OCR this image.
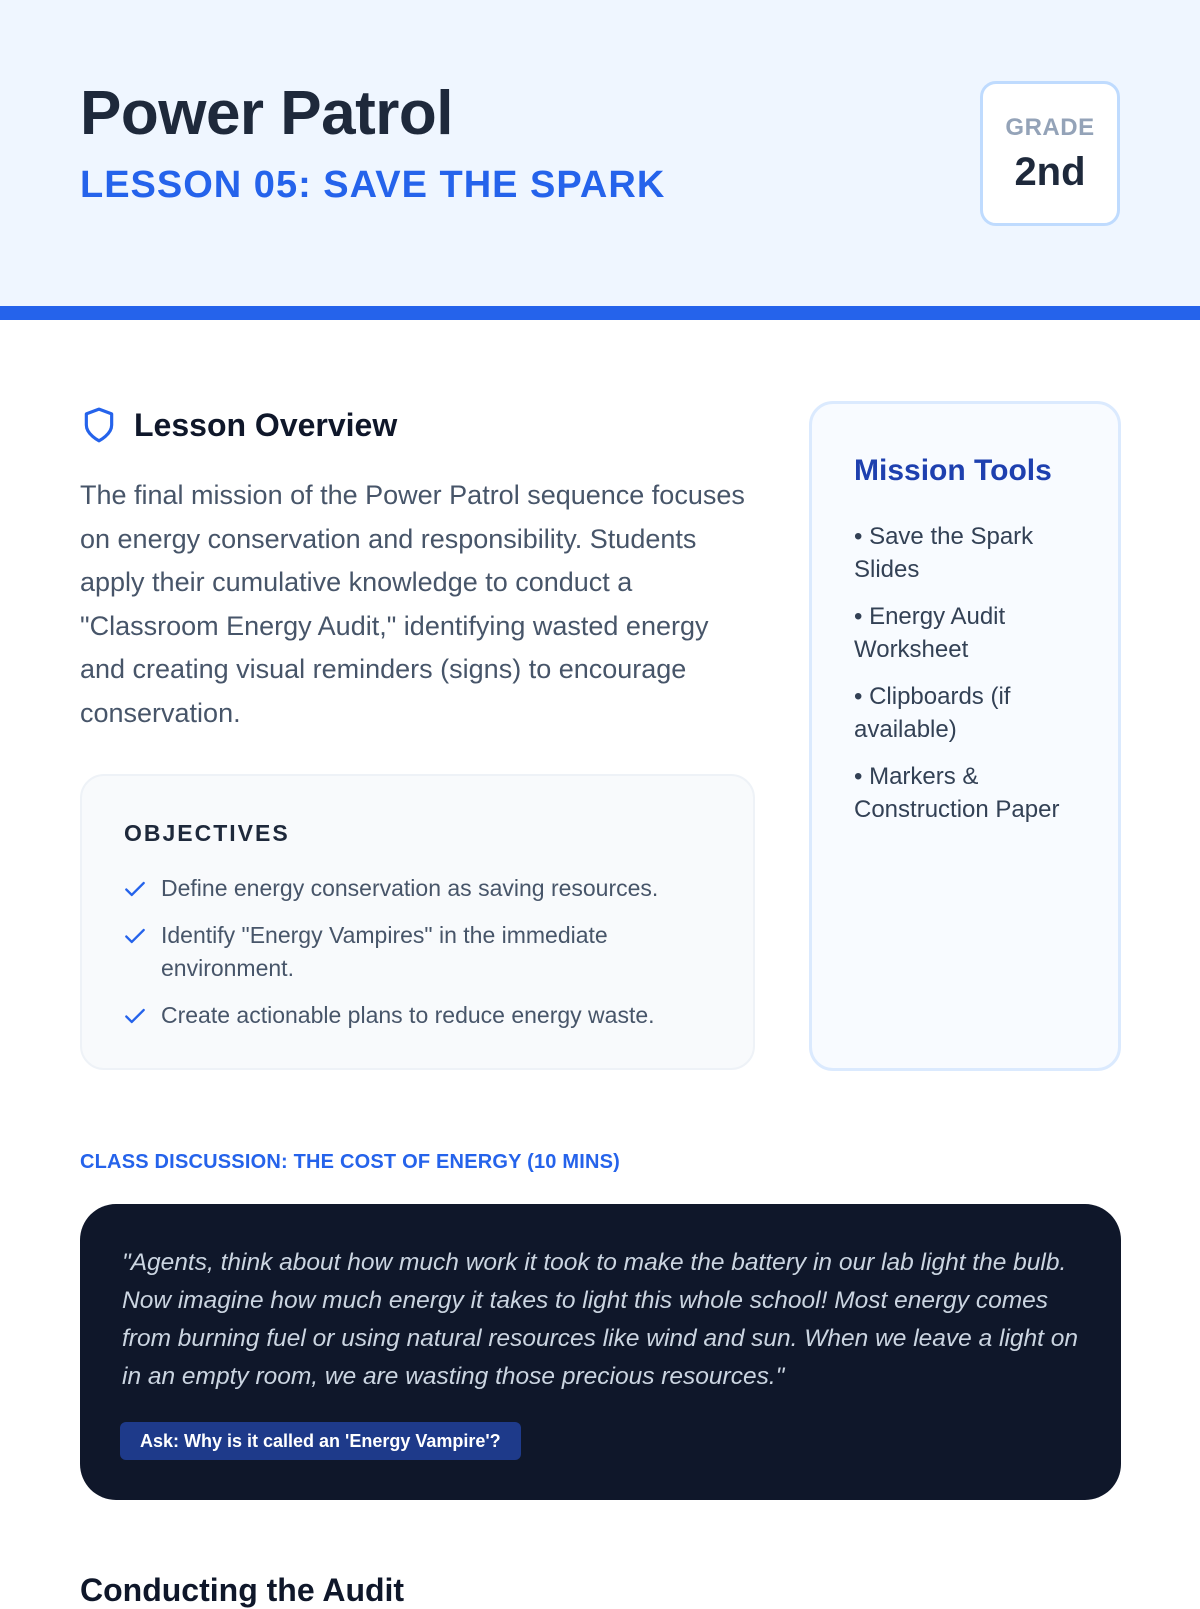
Power Patrol
LESSON 05: SAVE THE SPARK
GRADE
2nd
Lesson Overview

The final mission of the Power Patrol sequence focuses on energy conservation and responsibility. Students apply their cumulative knowledge to conduct a "Classroom Energy Audit," identifying wasted energy and creating visual reminders (signs) to encourage conservation.

OBJECTIVES
Define energy conservation as saving resources.
Identify "Energy Vampires" in the immediate environment.
Create actionable plans to reduce energy waste.
Mission Tools
• Save the Spark Slides
• Energy Audit Worksheet
• Clipboards (if available)
• Markers & Construction Paper
CLASS DISCUSSION: THE COST OF ENERGY (10 MINS)

"Agents, think about how much work it took to make the battery in our lab light the bulb. Now imagine how much energy it takes to light this whole school! Most energy comes from burning fuel or using natural resources like wind and sun. When we leave a light on in an empty room, we are wasting those precious resources."

Ask: Why is it called an 'Energy Vampire'?
Conducting the Audit
